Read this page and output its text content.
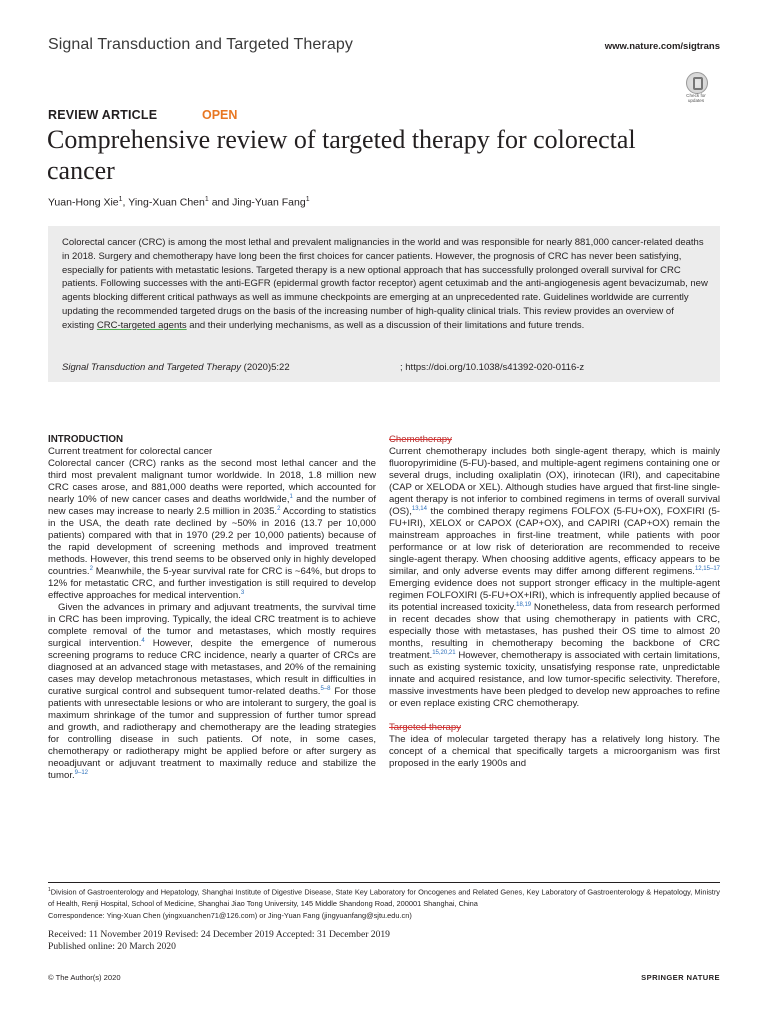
Signal Transduction and Targeted Therapy	www.nature.com/sigtrans
Check for updates
REVIEW ARTICLE	OPEN
Comprehensive review of targeted therapy for colorectal cancer
Yuan-Hong Xie$^1$, Ying-Xuan Chen$^1$ and Jing-Yuan Fang$^1$
Colorectal cancer (CRC) is among the most lethal and prevalent malignancies in the world and was responsible for nearly 881,000 cancer-related deaths in 2018. Surgery and chemotherapy have long been the first choices for cancer patients. However, the prognosis of CRC has never been satisfying, especially for patients with metastatic lesions. Targeted therapy is a new optional approach that has successfully prolonged overall survival for CRC patients. Following successes with the anti-EGFR (epidermal growth factor receptor) agent cetuximab and the anti-angiogenesis agent bevacizumab, new agents blocking different critical pathways as well as immune checkpoints are emerging at an unprecedented rate. Guidelines worldwide are currently updating the recommended targeted drugs on the basis of the increasing number of high-quality clinical trials. This review provides an overview of existing CRC-targeted agents and their underlying mechanisms, as well as a discussion of their limitations and future trends.
Signal Transduction and Targeted Therapy (2020)5:22	; https://doi.org/10.1038/s41392-020-0116-z
INTRODUCTION
Current treatment for colorectal cancer

Colorectal cancer (CRC) ranks as the second most lethal cancer and the third most prevalent malignant tumor worldwide. In 2018, 1.8 million new CRC cases arose, and 881,000 deaths were reported, which accounted for nearly 10% of new cancer cases and deaths worldwide,$^1$ and the number of new cases may increase to nearly 2.5 million in 2035.$^2$ According to statistics in the USA, the death rate declined by ~50% in 2016 (13.7 per 10,000 patients) compared with that in 1970 (29.2 per 10,000 patients) because of the rapid development of screening methods and improved treatment methods. However, this trend seems to be observed only in highly developed countries.$^2$ Meanwhile, the 5-year survival rate for CRC is ~64%, but drops to 12% for metastatic CRC, and further investigation is still required to develop effective approaches for medical intervention.$^3$

Given the advances in primary and adjuvant treatments, the survival time in CRC has been improving. Typically, the ideal CRC treatment is to achieve complete removal of the tumor and metastases, which mostly requires surgical intervention.$^4$ However, despite the emergence of numerous screening programs to reduce CRC incidence, nearly a quarter of CRCs are diagnosed at an advanced stage with metastases, and 20% of the remaining cases may develop metachronous metastases, which result in difficulties in curative surgical control and subsequent tumor-related deaths.$^{5-8}$ For those patients with unresectable lesions or who are intolerant to surgery, the goal is maximum shrinkage of the tumor and suppression of further tumor spread and growth, and radiotherapy and chemotherapy are the leading strategies for controlling disease in such patients. Of note, in some cases, chemotherapy or radiotherapy might be applied before or after surgery as neoadjuvant or adjuvant treatment to maximally reduce and stabilize the tumor.$^{9-12}$

Chemotherapy

Current chemotherapy includes both single-agent therapy, which is mainly fluoropyrimidine (5-FU)-based, and multiple-agent regimens containing one or several drugs, including oxaliplatin (OX), irinotecan (IRI), and capecitabine (CAP or XELODA or XEL). Although studies have argued that first-line single-agent therapy is not inferior to combined regimens in terms of overall survival (OS),$^{13,14}$ the combined therapy regimens FOLFOX (5-FU+OX), FOXFIRI (5-FU+IRI), XELOX or CAPOX (CAP+OX), and CAPIRI (CAP+OX) remain the mainstream approaches in first-line treatment, while patients with poor performance or at low risk of deterioration are recommended to receive single-agent therapy. When choosing additive agents, efficacy appears to be similar, and only adverse events may differ among different regimens.$^{12,15-17}$ Emerging evidence does not support stronger efficacy in the multiple-agent regimen FOLFOXIRI (5-FU+OX+IRI), which is infrequently applied because of its potential increased toxicity.$^{18,19}$ Nonetheless, data from research performed in recent decades show that using chemotherapy in patients with CRC, especially those with metastases, has pushed their OS time to almost 20 months, resulting in chemotherapy becoming the backbone of CRC treatment.$^{15,20,21}$ However, chemotherapy is associated with certain limitations, such as existing systemic toxicity, unsatisfying response rate, unpredictable innate and acquired resistance, and low tumor-specific selectivity. Therefore, massive investments have been pledged to develop new approaches to refine or even replace existing CRC chemotherapy.

Targeted therapy

The idea of molecular targeted therapy has a relatively long history. The concept of a chemical that specifically targets a microorganism was first proposed in the early 1900s and

$^1$Division of Gastroenterology and Hepatology, Shanghai Institute of Digestive Disease, State Key Laboratory for Oncogenes and Related Genes, Key Laboratory of Gastroenterology & Hepatology, Ministry of Health, Renji Hospital, School of Medicine, Shanghai Jiao Tong University, 145 Middle Shandong Road, 200001 Shanghai, China
Correspondence: Ying-Xuan Chen (yingxuanchen71@126.com) or Jing-Yuan Fang (jingyuanfang@sjtu.edu.cn)
Received: 11 November 2019 Revised: 24 December 2019 Accepted: 31 December 2019
Published online: 20 March 2020
© The Author(s) 2020	SPRINGER NATURE
